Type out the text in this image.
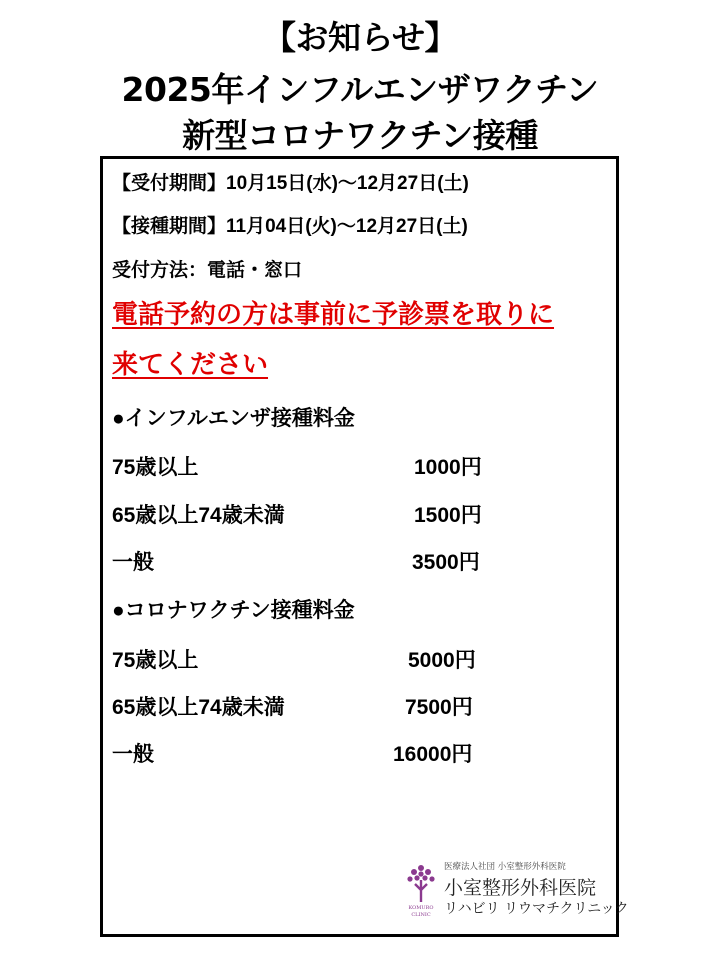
【お知らせ】
2025年インフルエンザワクチン
新型コロナワクチン接種
【受付期間】10月15日(水)～12月27日(土)
【接種期間】11月04日(火)～12月27日(土)
受付方法：電話・窓口
電話予約の方は事前に予診票を取りに
来てください
●インフルエンザ接種料金
75歳以上	1000円
65歳以上74歳未満	1500円
一般	3500円
●コロナワクチン接種料金
75歳以上	5000円
65歳以上74歳未満	7500円
一般	16000円
KOMURO
CLINIC
医療法人社団 小室整形外科医院
小室整形外科医院
リハビリ リウマチクリニック
